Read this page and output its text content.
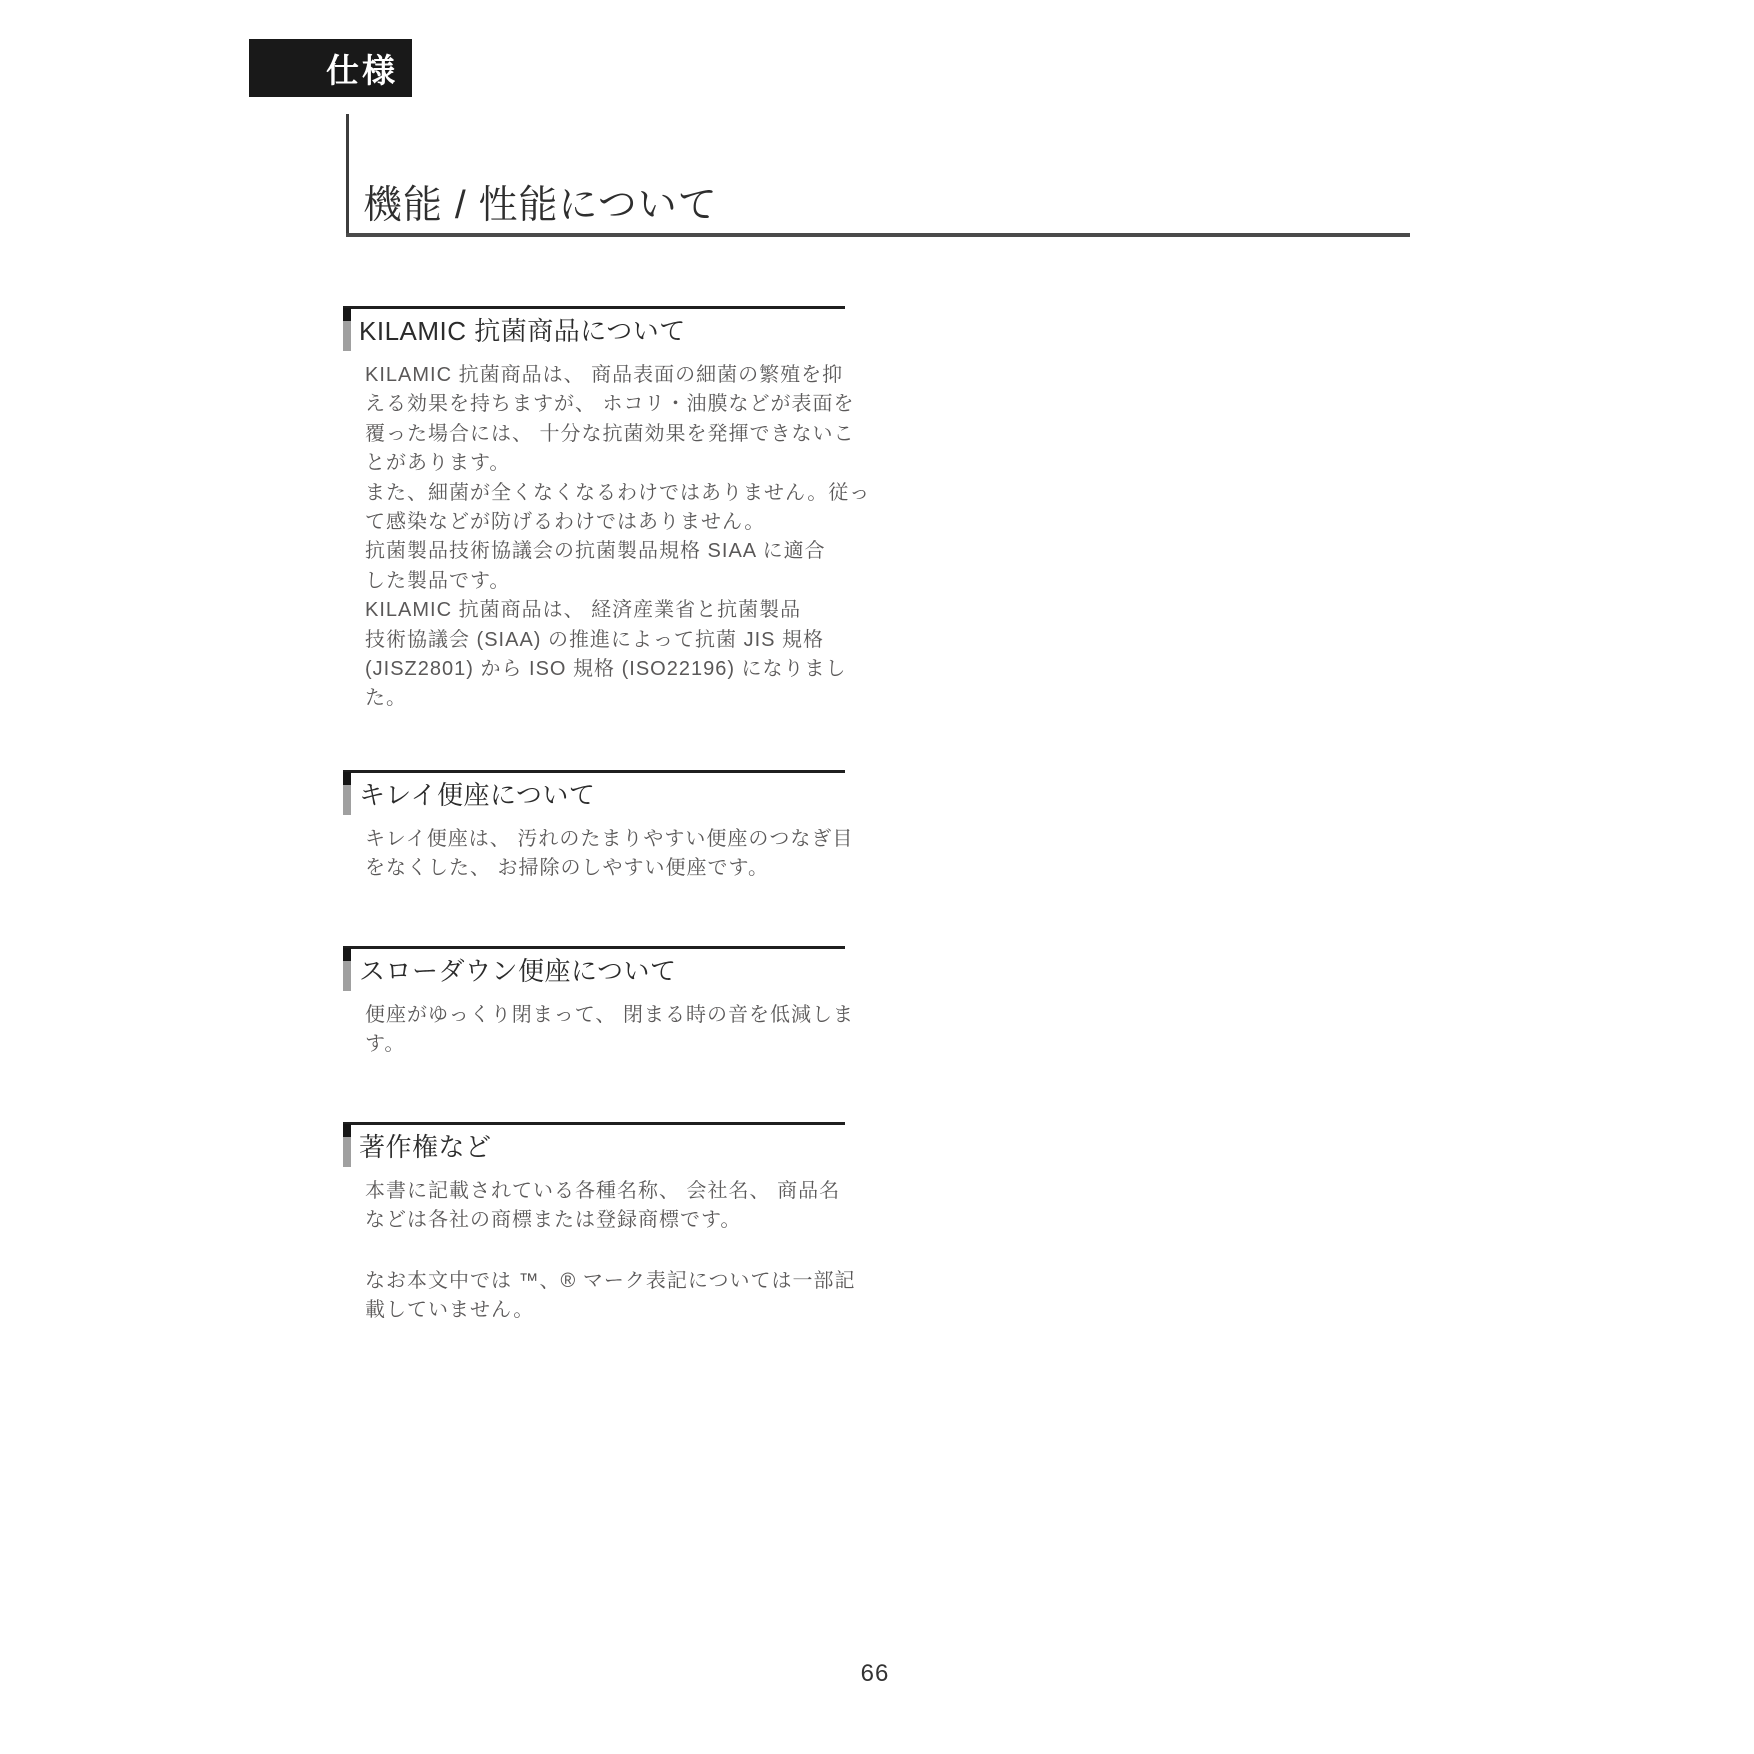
仕様
機能 / 性能について
KILAMIC 抗菌商品について
KILAMIC 抗菌商品は、 商品表面の細菌の繁殖を抑
える効果を持ちますが、 ホコリ・油膜などが表面を
覆った場合には、 十分な抗菌効果を発揮できないこ
とがあります。
また、細菌が全くなくなるわけではありません。従っ
て感染などが防げるわけではありません。
抗菌製品技術協議会の抗菌製品規格 SIAA に適合
した製品です。
KILAMIC 抗菌商品は、 経済産業省と抗菌製品
技術協議会 (SIAA) の推進によって抗菌 JIS 規格
(JISZ2801) から ISO 規格 (ISO22196) になりまし
た。
キレイ便座について
キレイ便座は、 汚れのたまりやすい便座のつなぎ目
をなくした、 お掃除のしやすい便座です。
スローダウン便座について
便座がゆっくり閉まって、 閉まる時の音を低減しま
す。
著作権など
本書に記載されている各種名称、 会社名、 商品名
などは各社の商標または登録商標です。
なお本文中では ™、® マーク表記については一部記
載していません。
66
